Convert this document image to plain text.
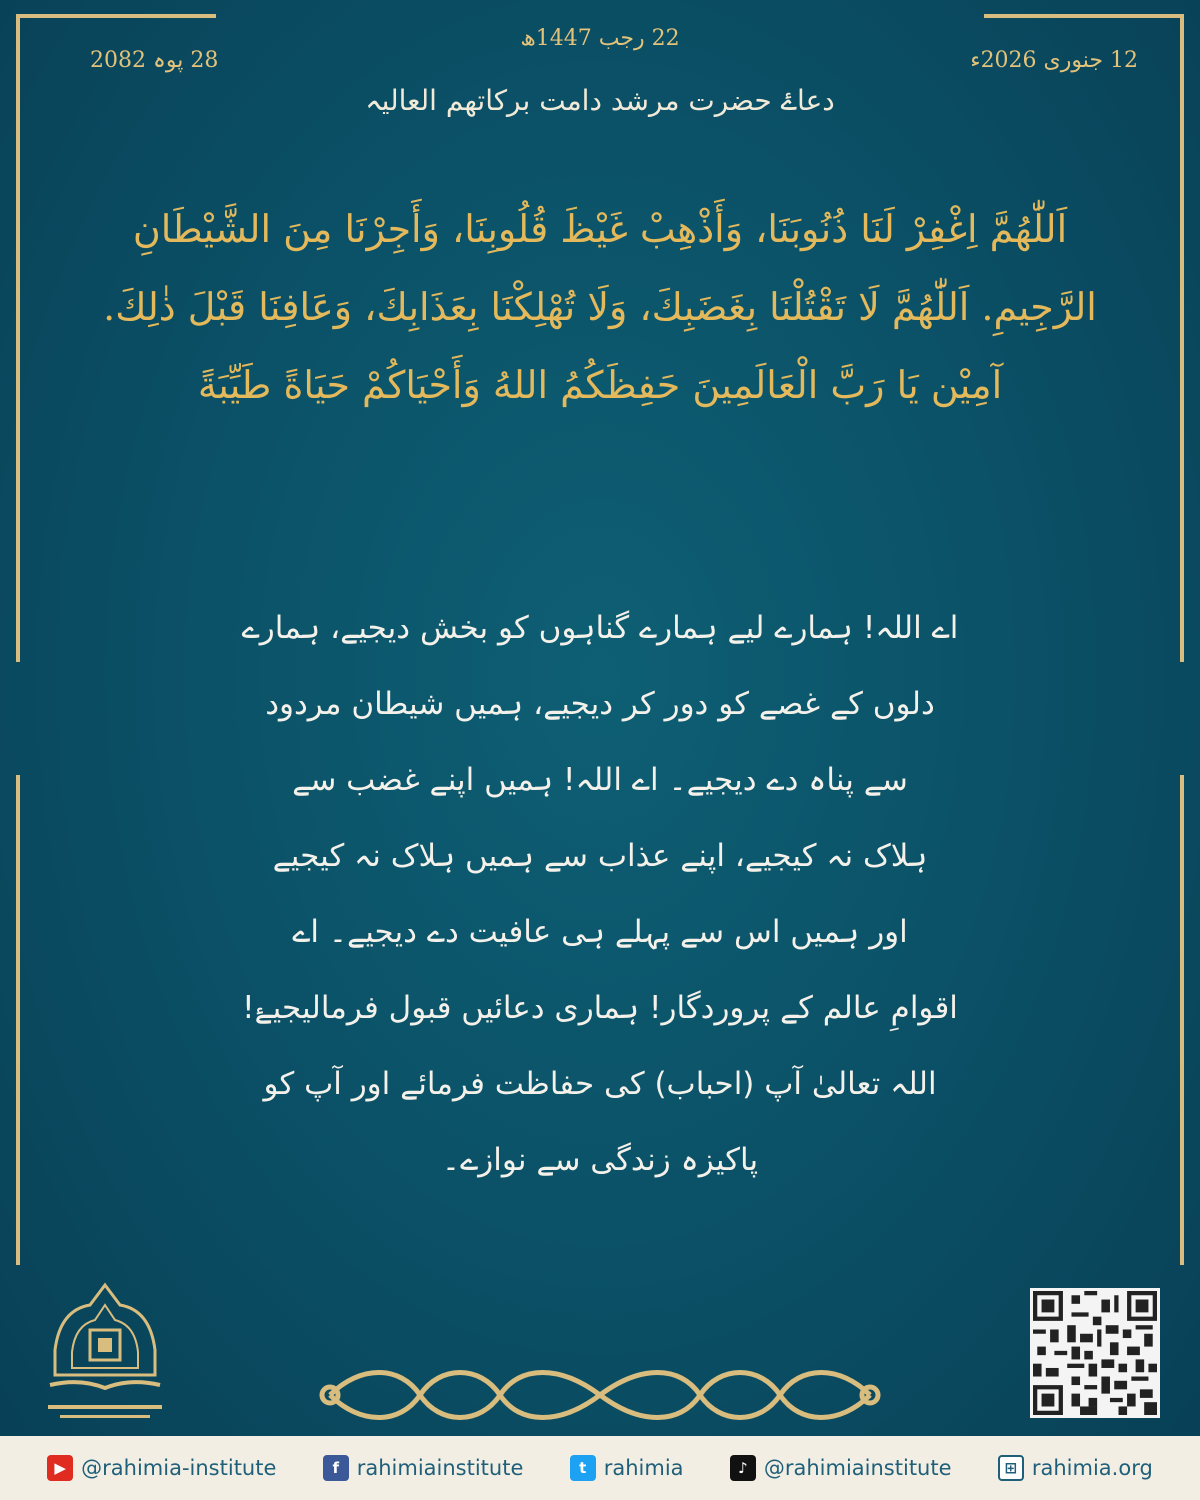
22 رجب 1447ھ
12 جنوری 2026ء
28 پوہ 2082
دعاۓ حضرت مرشد دامت برکاتھم العالیہ
اَللّٰهُمَّ اِغْفِرْ لَنَا ذُنُوبَنَا، وَأَذْهِبْ غَيْظَ قُلُوبِنَا، وَأَجِرْنَا مِنَ الشَّيْطَانِ الرَّجِيمِ. اَللّٰهُمَّ لَا تَقْتُلْنَا بِغَضَبِكَ، وَلَا تُهْلِكْنَا بِعَذَابِكَ، وَعَافِنَا قَبْلَ ذٰلِكَ. آمِيْن يَا رَبَّ الْعَالَمِينَ حَفِظَكُمُ اللهُ وَأَحْيَاكُمْ حَيَاةً طَيِّبَةً
اے اللہ! ہمارے لیے ہمارے گناہوں کو بخش دیجیے، ہمارے
دلوں کے غصے کو دور کر دیجیے، ہمیں شیطان مردود
سے پناہ دے دیجیے۔ اے اللہ! ہمیں اپنے غضب سے
ہلاک نہ کیجیے، اپنے عذاب سے ہمیں ہلاک نہ کیجیے
اور ہمیں اس سے پہلے ہی عافیت دے دیجیے۔ اے
اقوامِ عالم کے پروردگار! ہماری دعائیں قبول فرمالیجیۓ!
اللہ تعالیٰ آپ (احباب) کی حفاظت فرمائے اور آپ کو
پاکیزہ زندگی سے نوازے۔
▶ @rahimia-institute	f rahimiainstitute	t rahimia	♪ @rahimiainstitute	⊞ rahimia.org
